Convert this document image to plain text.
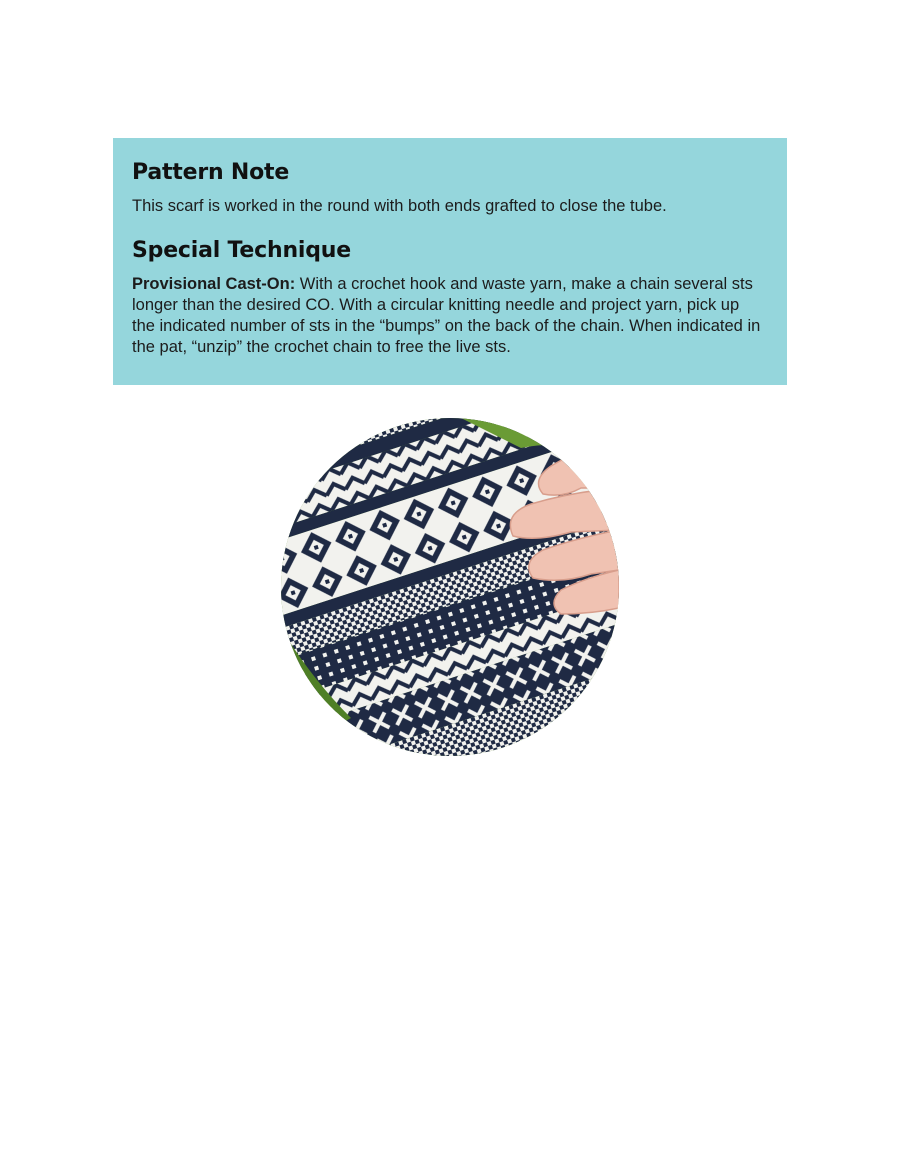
Pattern Note

This scarf is worked in the round with both ends grafted to close the tube.

Special Technique

Provisional Cast-On: With a crochet hook and waste yarn, make a chain several sts longer than the desired CO. With a circular knitting needle and project yarn, pick up the indicated number of sts in the “bumps” on the back of the chain. When indicated in the pat, “unzip” the crochet chain to free the live sts.
